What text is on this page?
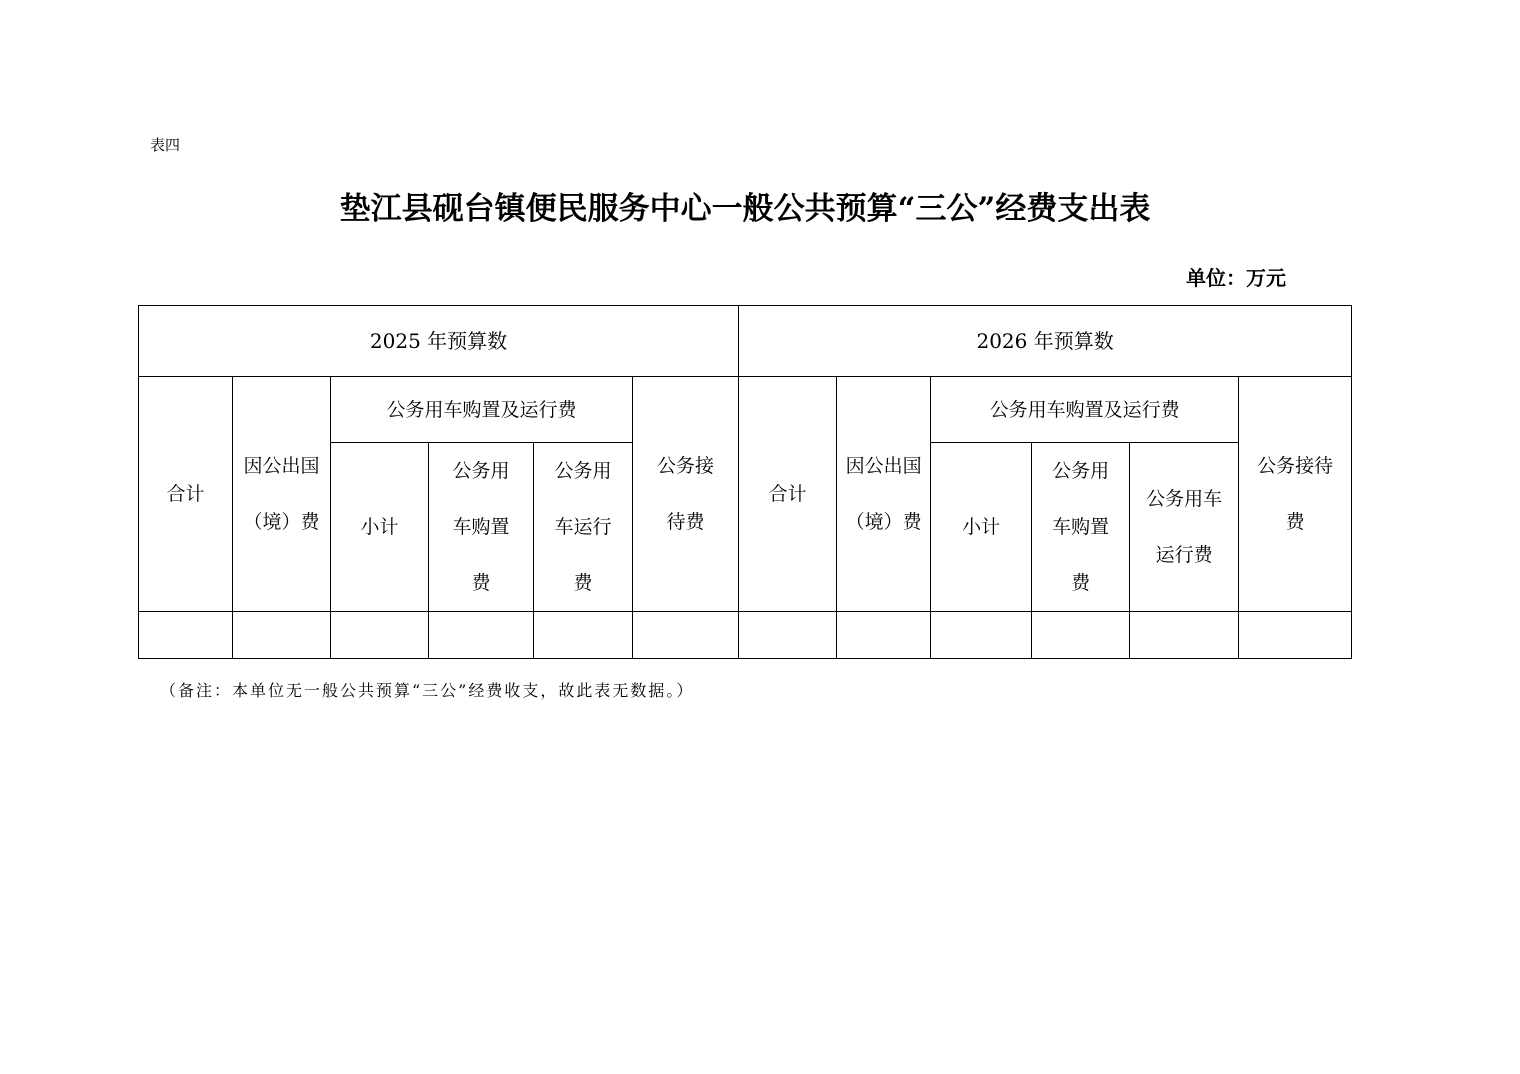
表四
垫江县砚台镇便民服务中心一般公共预算“三公”经费支出表
单位：万元
2025 年预算数						2026 年预算数					
合计	因公出国（境）费	公务用车购置及运行费			公务接待费	合计	因公出国（境）费	公务用车购置及运行费			公务接待费
		小计	公务用车购置费	公务用车运行费				小计	公务用车购置费	公务用车运行费	

（备注：本单位无一般公共预算“三公”经费收支，故此表无数据。）
